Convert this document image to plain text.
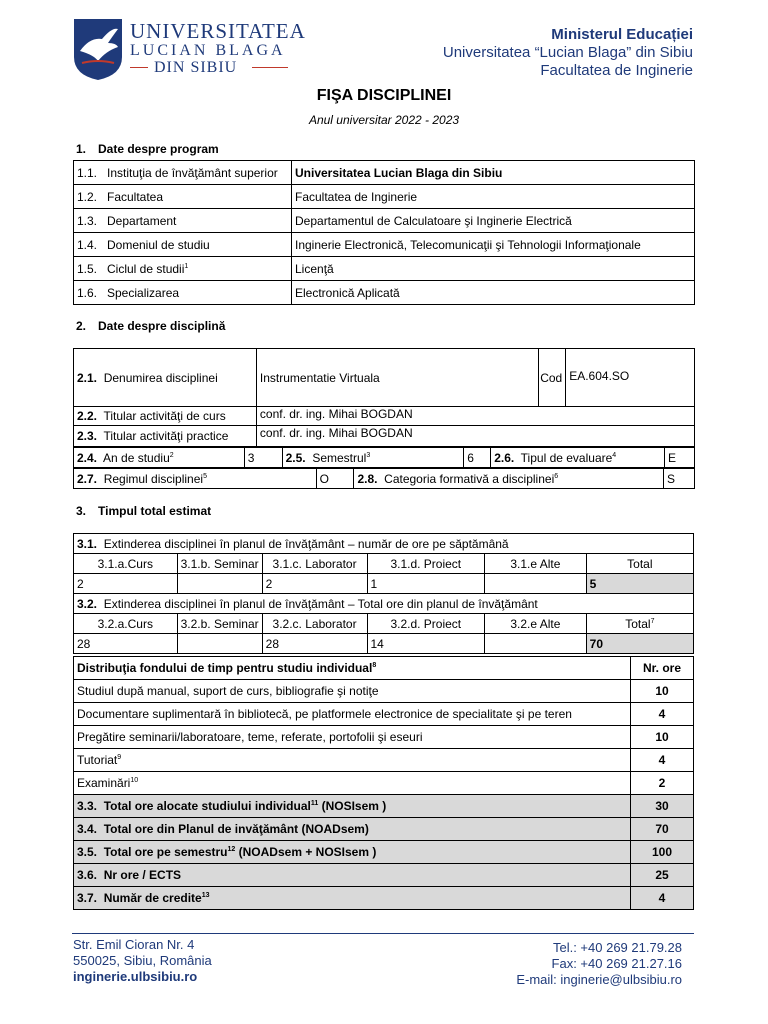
UNIVERSITATEA
LUCIAN BLAGA
DIN SIBIU
Ministerul Educației
Universitatea “Lucian Blaga” din Sibiu
Facultatea de Inginerie
FIŞA DISCIPLINEI
Anul universitar 2022 - 2023
1. Date despre program
1.1. Instituţia de învăţământ superior	Universitatea Lucian Blaga din Sibiu
1.2. Facultatea	Facultatea de Inginerie
1.3. Departament	Departamentul de Calculatoare şi Inginerie Electrică
1.4. Domeniul de studiu	Inginerie Electronică, Telecomunicaţii şi Tehnologii Informaţionale
1.5. Ciclul de studii$^1$	Licenţă
1.6. Specializarea	Electronică Aplicată
2. Date despre disciplină
2.1. Denumirea disciplinei	Instrumentatie Virtuala	Cod	EA.604.SO
2.2. Titular activităţi de curs	conf. dr. ing. Mihai BOGDAN		
2.3. Titular activităţi practice	conf. dr. ing. Mihai BOGDAN		
2.4. An de studiu$^2$	3	2.5. Semestrul$^3$	6	2.6. Tipul de evaluare$^4$	E
2.7. Regimul disciplinei$^5$	O	2.8. Categoria formativă a disciplinei$^6$	S
3. Timpul total estimat
3.1. Extinderea disciplinei în planul de învăţământ – număr de ore pe săptămână					
3.1.a.Curs	3.1.b. Seminar	3.1.c. Laborator	3.1.d. Proiect	3.1.e Alte	Total
2		2	1		5
3.2. Extinderea disciplinei în planul de învăţământ – Total ore din planul de învăţământ					
3.2.a.Curs	3.2.b. Seminar	3.2.c. Laborator	3.2.d. Proiect	3.2.e Alte	Total$^7$
28		28	14		70
Distribuţia fondului de timp pentru studiu individual$^8$	Nr. ore
Studiul după manual, suport de curs, bibliografie şi notiţe	10
Documentare suplimentară în bibliotecă, pe platformele electronice de specialitate şi pe teren	4
Pregătire seminarii/laboratoare, teme, referate, portofolii şi eseuri	10
Tutoriat$^9$	4
Examinări$^{10}$	2
3.3. Total ore alocate studiului individual$^{11}$ (NOSIsem )	30
3.4. Total ore din Planul de invăţământ (NOADsem)	70
3.5. Total ore pe semestru$^{12}$ (NOADsem + NOSIsem )	100
3.6. Nr ore / ECTS	25
3.7. Număr de credite$^{13}$	4
Str. Emil Cioran Nr. 4
550025, Sibiu, România
inginerie.ulbsibiu.ro
Tel.: +40 269 21.79.28
Fax: +40 269 21.27.16
E-mail: inginerie@ulbsibiu.ro
